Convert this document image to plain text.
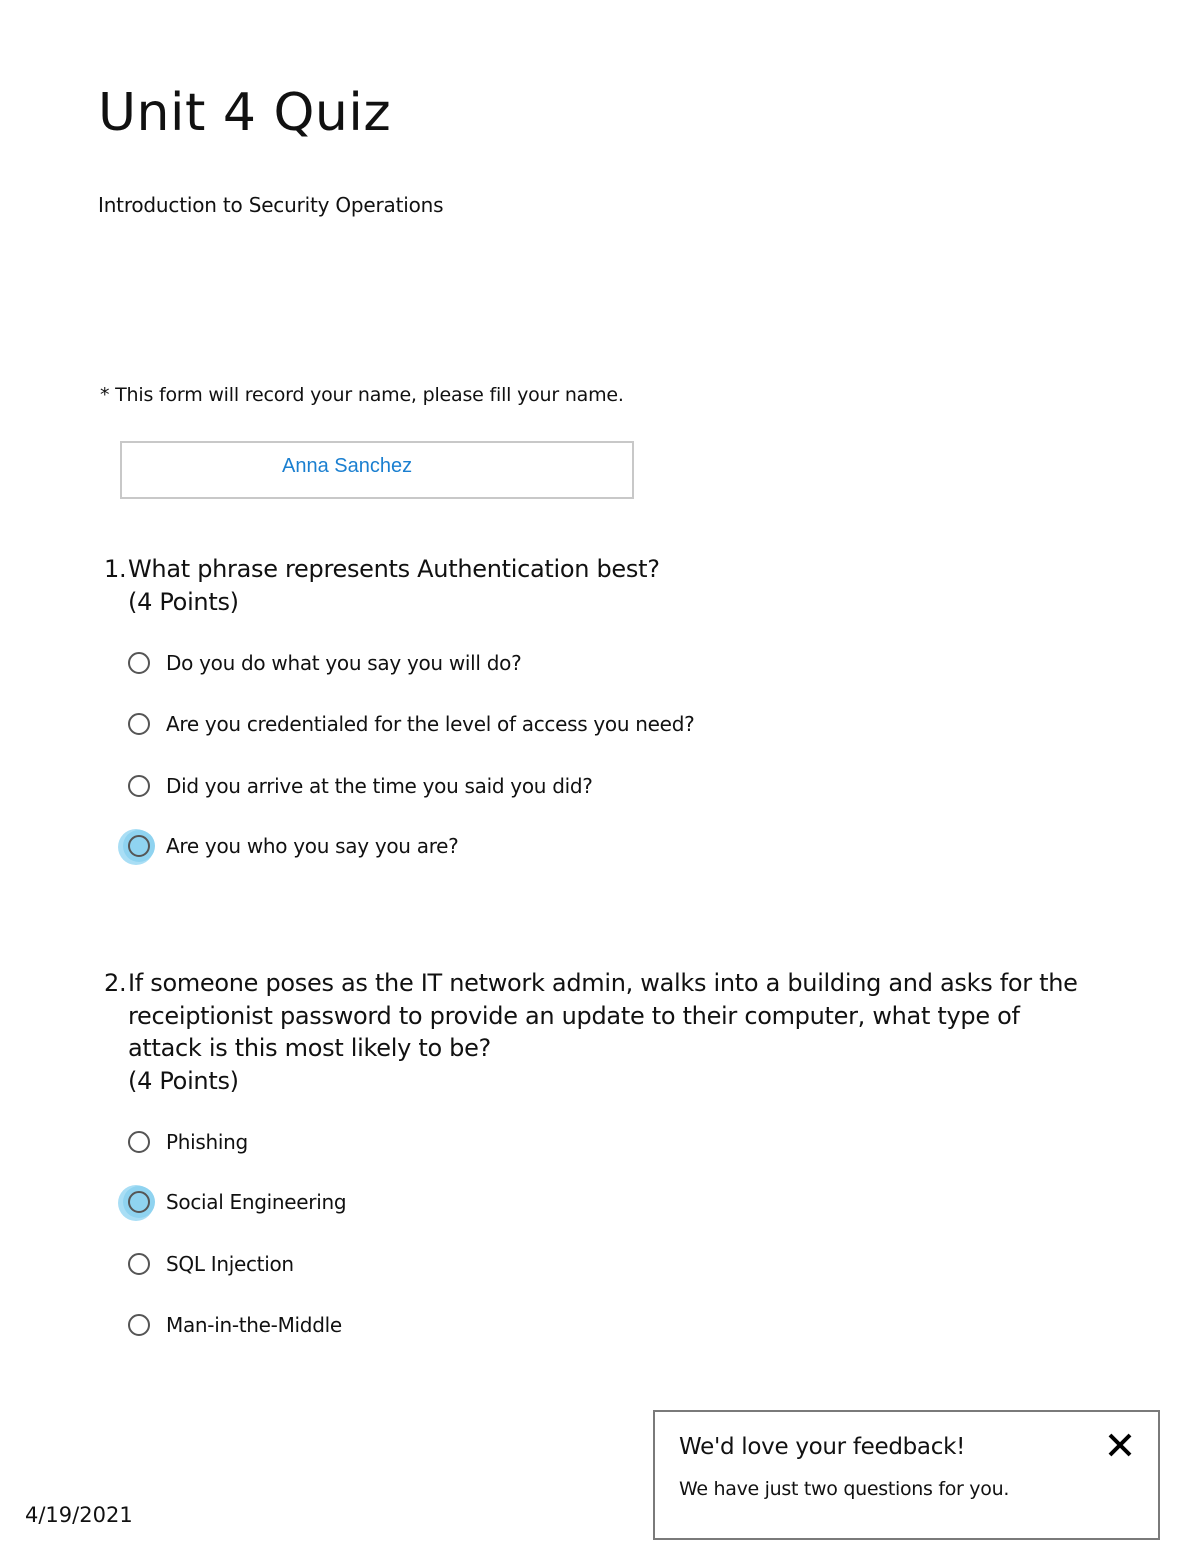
Unit 4 Quiz

Introduction to Security Operations

* This form will record your name, please fill your name.
Anna Sanchez
1. What phrase represents Authentication best?
(4 Points)
Do you do what you say you will do?
Are you credentialed for the level of access you need?
Did you arrive at the time you said you did?
Are you who you say you are?
2. If someone poses as the IT network admin, walks into a building and asks for the receiptionist password to provide an update to their computer, what type of attack is this most likely to be?
(4 Points)
Phishing
Social Engineering
SQL Injection
Man-in-the-Middle
4/19/2021
We'd love your feedback!
We have just two questions for you.
